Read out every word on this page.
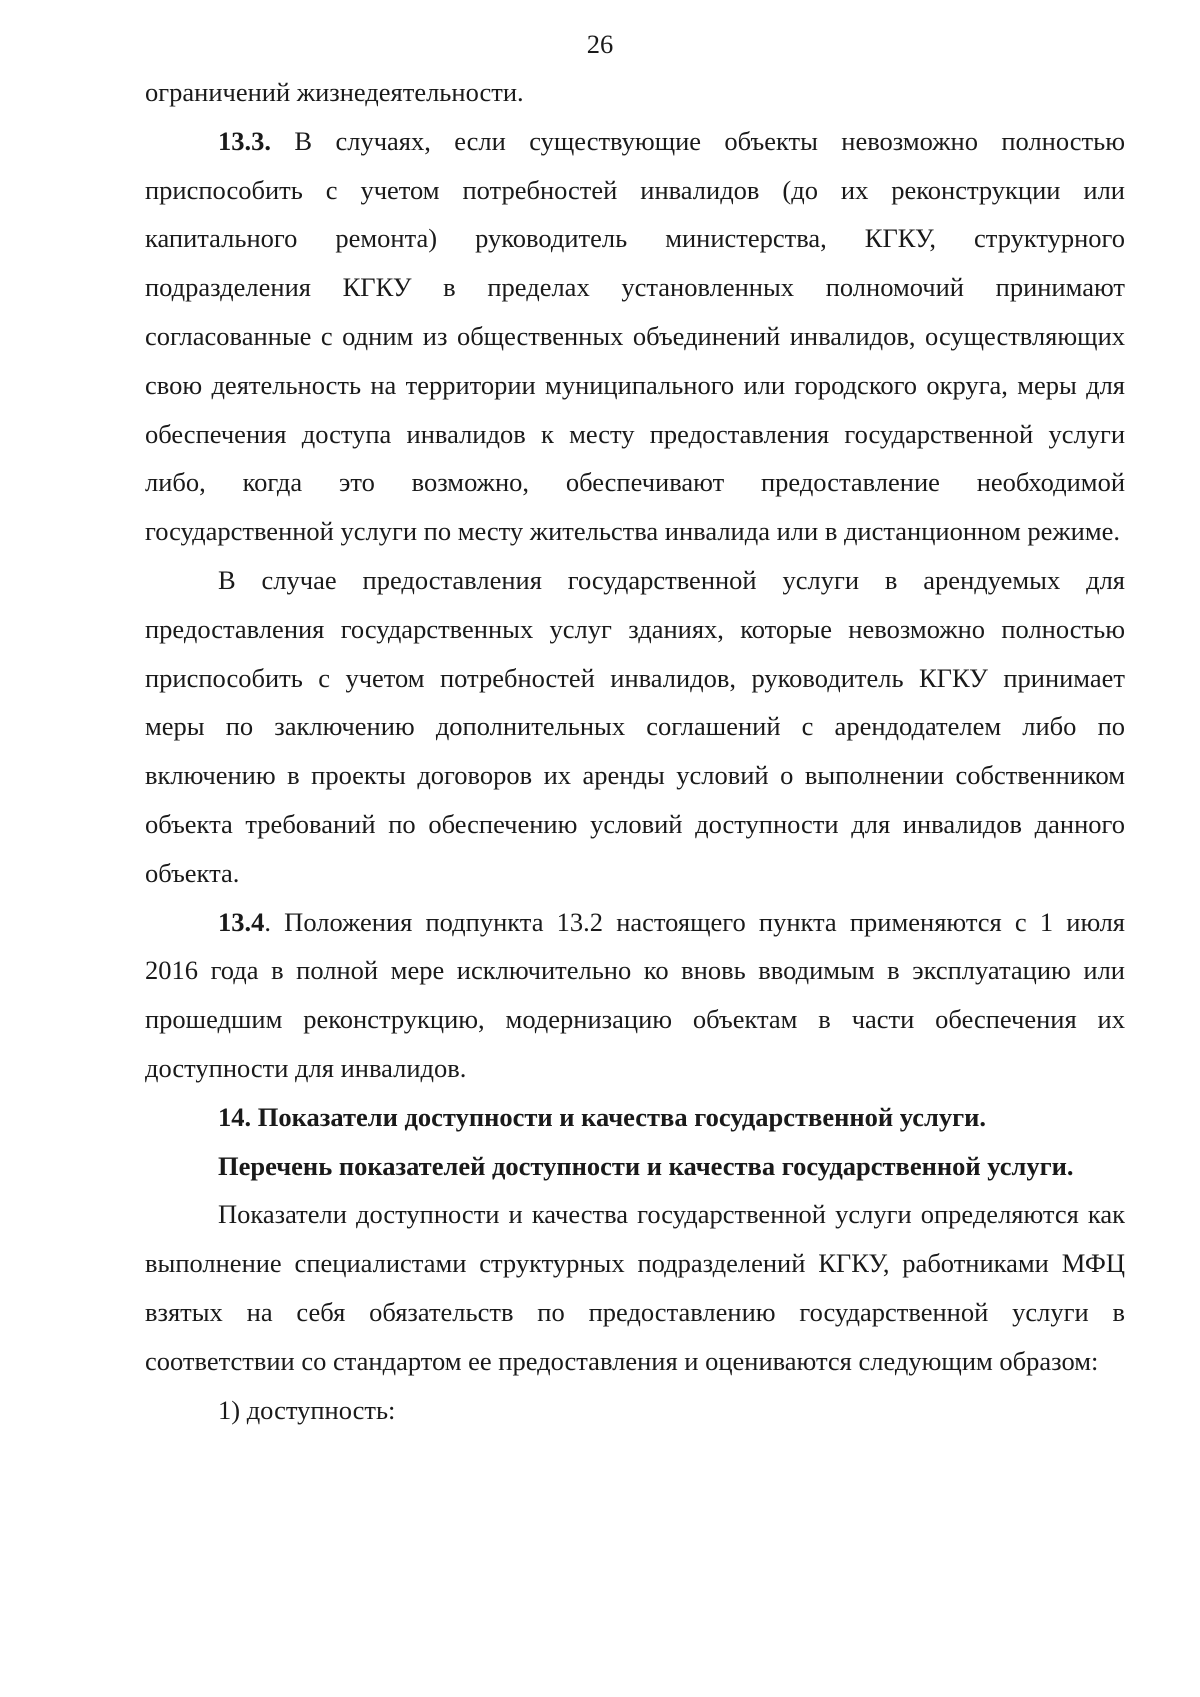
26

ограничений жизнедеятельности.

13.3. В случаях, если существующие объекты невозможно полностью приспособить с учетом потребностей инвалидов (до их реконструкции или капитального ремонта) руководитель министерства, КГКУ, структурного подразделения КГКУ в пределах установленных полномочий принимают согласованные с одним из общественных объединений инвалидов, осуществляющих свою деятельность на территории муниципального или городского округа, меры для обеспечения доступа инвалидов к месту предоставления государственной услуги либо, когда это возможно, обеспечивают предоставление необходимой государственной услуги по месту жительства инвалида или в дистанционном режиме.

В случае предоставления государственной услуги в арендуемых для предоставления государственных услуг зданиях, которые невозможно полностью приспособить с учетом потребностей инвалидов, руководитель КГКУ принимает меры по заключению дополнительных соглашений с арендодателем либо по включению в проекты договоров их аренды условий о выполнении собственником объекта требований по обеспечению условий доступности для инвалидов данного объекта.

13.4. Положения подпункта 13.2 настоящего пункта применяются с 1 июля 2016 года в полной мере исключительно ко вновь вводимым в эксплуатацию или прошедшим реконструкцию, модернизацию объектам в части обеспечения их доступности для инвалидов.

14. Показатели доступности и качества государственной услуги.

Перечень показателей доступности и качества государственной услуги.

Показатели доступности и качества государственной услуги определяются как выполнение специалистами структурных подразделений КГКУ, работниками МФЦ взятых на себя обязательств по предоставлению государственной услуги в соответствии со стандартом ее предоставления и оцениваются следующим образом:

1) доступность:
